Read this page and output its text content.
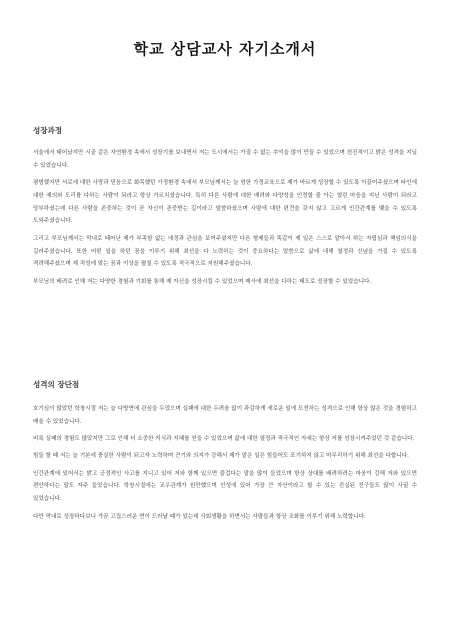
학교 상담교사 자기소개서
성장과정

서울에서 태어났지만 시골 같은 자연환경 속에서 성장기를 보내면서 저는 도시에서는 가질 수 없는 추억을 많이 만들 수 있었으며 천진적이고 밝은 성격을 지닐 수 있었습니다.

평범했지만 서로에 대한 사랑과 믿음으로 화목했던 가정환경 속에서 부모님께서는 늘 엄한 가정교육으로 제가 바르게 성장할 수 있도록 이끌어주셨으며 타인에 대한 예의와 도리를 다하는 사람이 되라고 항상 가르치셨습니다. 특히 다른 사람에 대한 배려와 다양성을 인정할 줄 아는 열린 마음을 지닌 사람이 되라고 당부하셨는데 다른 사람을 존중하는 것이 곧 자신이 존중받는 길이라고 말씀하셨으며 사람에 대한 편견을 갖지 않고 고르게 인간관계를 맺을 수 있도록 도와주셨습니다.

그리고 부모님께서는 막내로 태어난 제가 부족함 없는 애정과 관심을 보여주셨지만 다른 형제들과 똑같이 제 일은 스스로 알아서 하는 자립심과 책임의식을 길러주셨습니다. 또한 어떤 일을 하던 꿈을 이루기 위해 최선을 다 노력하는 것이 중요하다는 말씀으로 삶에 대해 열정과 신념을 가질 수 있도록 격려해주셨으며 제 적성에 맞는 꿈과 이상을 펼칠 수 있도록 적극적으로 지원해주셨습니다.

부모님의 배려로 인해 저는 다양한 경험과 기회를 통해 제 자신을 성장시킬 수 있었으며 매사에 최선을 다하는 태도로 성장할 수 있었습니다.

성격의 장단점

호기심이 많았던 학창시절 저는 늘 다방면에 관심을 두었으며 실패에 대한 두려움 없이 과감하게 새로운 일에 도전하는 성격으로 인해 항상 많은 것을 경험하고 배울 수 있었습니다.

비록 실패의 경험도 많았지만 그로 인해 더 소중한 지식과 지혜를 얻을 수 있었으며 삶에 대한 열정과 적극적인 자세는 항상 저를 성장시켜주었던 것 같습니다.

힘들 할 때 저는 늘 기본에 충실한 사람이 되고자 노력하며 끈기와 의지가 강해서 제가 맡은 일은 힘들어도 포기하지 않고 마무리하기 위해 최선을 다합니다.

인간관계에 있어서는 밝고 긍정적인 사고를 지니고 있어 저와 함께 있으면 즐겁다는 말을 많이 들었으며 항상 상대를 배려하려는 마음이 강해 저와 있으면 편안하다는 말도 자주 들었습니다. 학창시절에는 교우관계가 원만했으며 인성에 있어 가장 큰 자산이라고 할 수 있는 진실된 친구들도 많이 사귈 수 있었습니다.

다만 막내로 성장하다보니 가끔 고집스러운 면이 드러날 때가 있는데 사회생활을 하면서는 사람들과 항상 조화를 이루기 위해 노력합니다.
